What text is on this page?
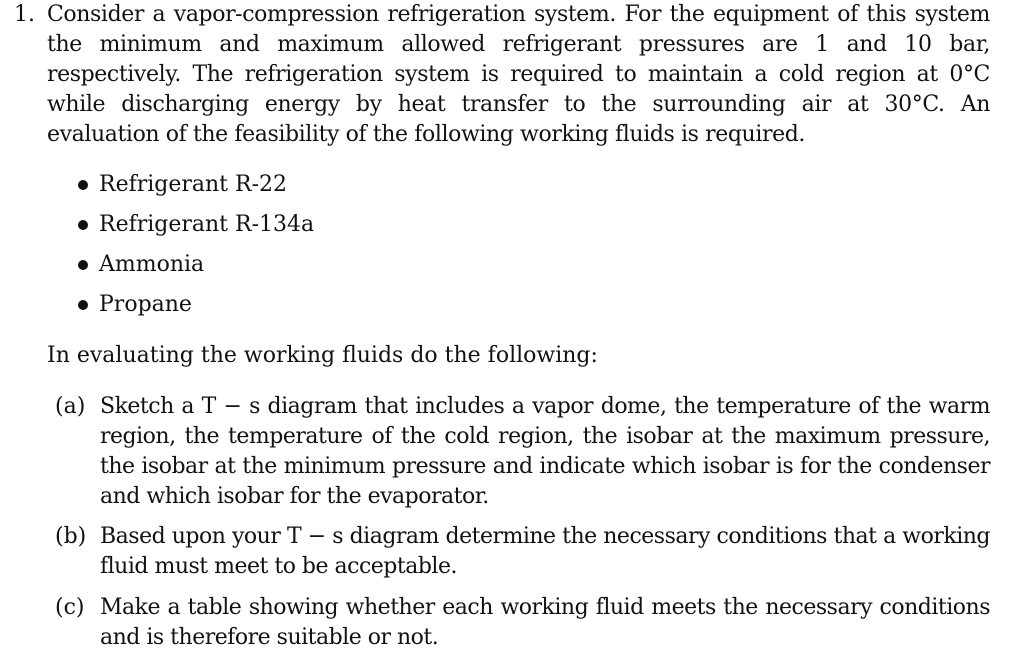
1. Consider a vapor-compression refrigeration system. For the equipment of this system the minimum and maximum allowed refrigerant pressures are 1 and 10 bar, respectively. The refrigeration system is required to maintain a cold region at 0°C while discharging energy by heat transfer to the surrounding air at 30°C. An evaluation of the feasibility of the following working fluids is required.
Refrigerant R-22
Refrigerant R-134a
Ammonia
Propane
In evaluating the working fluids do the following:
(a) Sketch a T − s diagram that includes a vapor dome, the temperature of the warm region, the temperature of the cold region, the isobar at the maximum pressure, the isobar at the minimum pressure and indicate which isobar is for the condenser and which isobar for the evaporator.
(b) Based upon your T − s diagram determine the necessary conditions that a working fluid must meet to be acceptable.
(c) Make a table showing whether each working fluid meets the necessary conditions and is therefore suitable or not.
